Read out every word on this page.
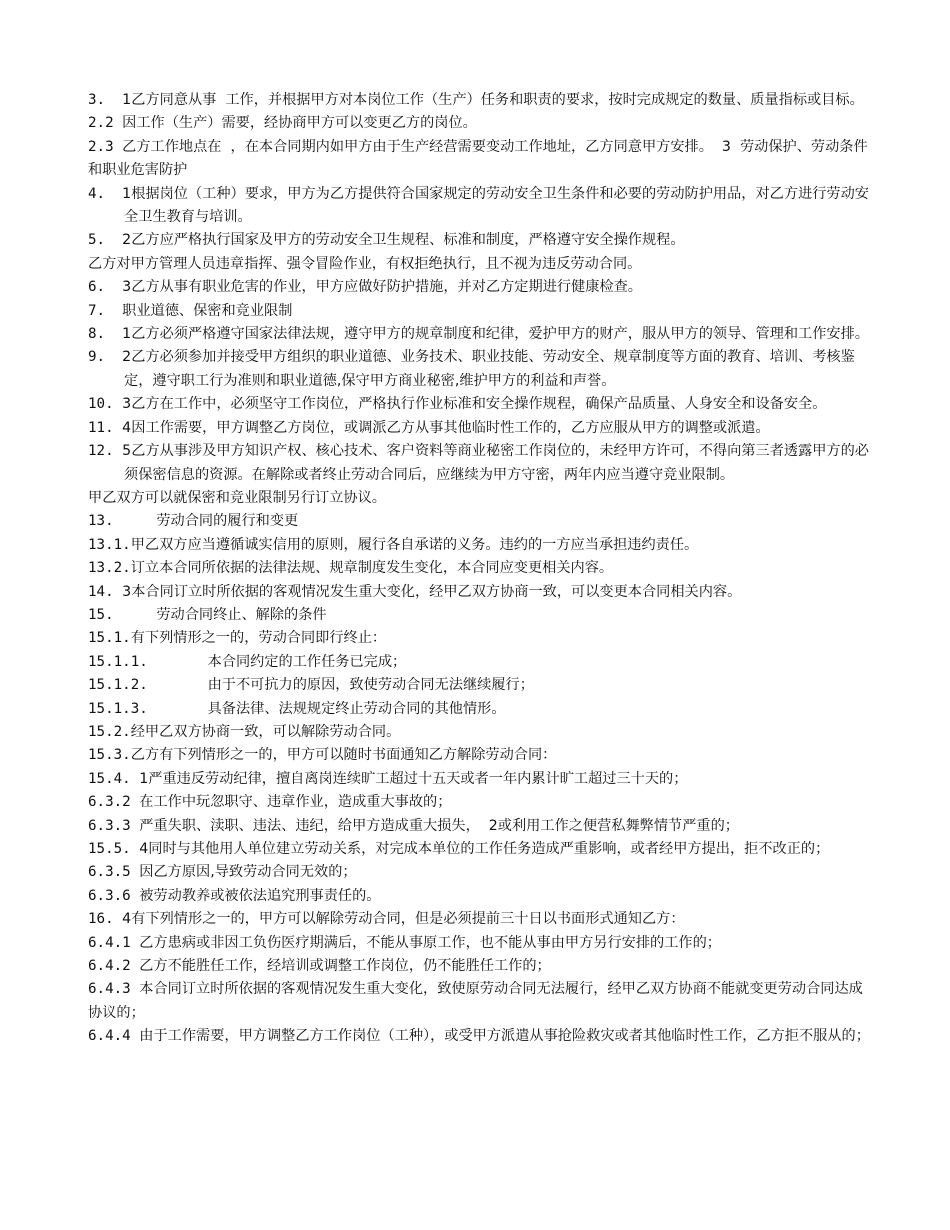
3.  1乙方同意从事  工作，并根据甲方对本岗位工作（生产）任务和职责的要求，按时完成规定的数量、质量指标或目标。

2.2 因工作（生产）需要，经协商甲方可以变更乙方的岗位。

2.3 乙方工作地点在  ，在本合同期内如甲方由于生产经营需要变动工作地址，乙方同意甲方安排。  3  劳动保护、劳动条件和职业危害防护

4.  1根据岗位（工种）要求，甲方为乙方提供符合国家规定的劳动安全卫生条件和必要的劳动防护用品，对乙方进行劳动安全卫生教育与培训。

5.  2乙方应严格执行国家及甲方的劳动安全卫生规程、标准和制度，严格遵守安全操作规程。

乙方对甲方管理人员违章指挥、强令冒险作业，有权拒绝执行，且不视为违反劳动合同。

6.  3乙方从事有职业危害的作业，甲方应做好防护措施，并对乙方定期进行健康检查。

7.  职业道德、保密和竞业限制

8.  1乙方必须严格遵守国家法律法规，遵守甲方的规章制度和纪律，爱护甲方的财产，服从甲方的领导、管理和工作安排。

9.  2乙方必须参加并接受甲方组织的职业道德、业务技术、职业技能、劳动安全、规章制度等方面的教育、培训、考核鉴定，遵守职工行为准则和职业道德,保守甲方商业秘密,维护甲方的利益和声誉。

10. 3乙方在工作中，必须坚守工作岗位，严格执行作业标准和安全操作规程，确保产品质量、人身安全和设备安全。

11. 4因工作需要，甲方调整乙方岗位，或调派乙方从事其他临时性工作的，乙方应服从甲方的调整或派遣。

12. 5乙方从事涉及甲方知识产权、核心技术、客户资料等商业秘密工作岗位的，未经甲方许可，不得向第三者透露甲方的必须保密信息的资源。在解除或者终止劳动合同后，应继续为甲方守密，两年内应当遵守竞业限制。

甲乙双方可以就保密和竞业限制另行订立协议。

13.     劳动合同的履行和变更

13.1.甲乙双方应当遵循诚实信用的原则，履行各自承诺的义务。违约的一方应当承担违约责任。

13.2.订立本合同所依据的法律法规、规章制度发生变化，本合同应变更相关内容。

14. 3本合同订立时所依据的客观情况发生重大变化，经甲乙双方协商一致，可以变更本合同相关内容。

15.     劳动合同终止、解除的条件

15.1.有下列情形之一的，劳动合同即行终止：

15.1.1.       本合同约定的工作任务已完成；

15.1.2.       由于不可抗力的原因，致使劳动合同无法继续履行；

15.1.3.       具备法律、法规规定终止劳动合同的其他情形。

15.2.经甲乙双方协商一致，可以解除劳动合同。

15.3.乙方有下列情形之一的，甲方可以随时书面通知乙方解除劳动合同：

15.4. 1严重违反劳动纪律，擅自离岗连续旷工超过十五天或者一年内累计旷工超过三十天的；

6.3.2 在工作中玩忽职守、违章作业，造成重大事故的；

6.3.3 严重失职、渎职、违法、违纪，给甲方造成重大损失，  2或利用工作之便营私舞弊情节严重的；

15.5. 4同时与其他用人单位建立劳动关系，对完成本单位的工作任务造成严重影响，或者经甲方提出，拒不改正的；

6.3.5 因乙方原因,导致劳动合同无效的；

6.3.6 被劳动教养或被依法追究刑事责任的。

16. 4有下列情形之一的，甲方可以解除劳动合同，但是必须提前三十日以书面形式通知乙方：

6.4.1 乙方患病或非因工负伤医疗期满后，不能从事原工作，也不能从事由甲方另行安排的工作的；

6.4.2 乙方不能胜任工作，经培训或调整工作岗位，仍不能胜任工作的；

6.4.3 本合同订立时所依据的客观情况发生重大变化，致使原劳动合同无法履行，经甲乙双方协商不能就变更劳动合同达成协议的；

6.4.4 由于工作需要，甲方调整乙方工作岗位（工种），或受甲方派遣从事抢险救灾或者其他临时性工作，乙方拒不服从的；
